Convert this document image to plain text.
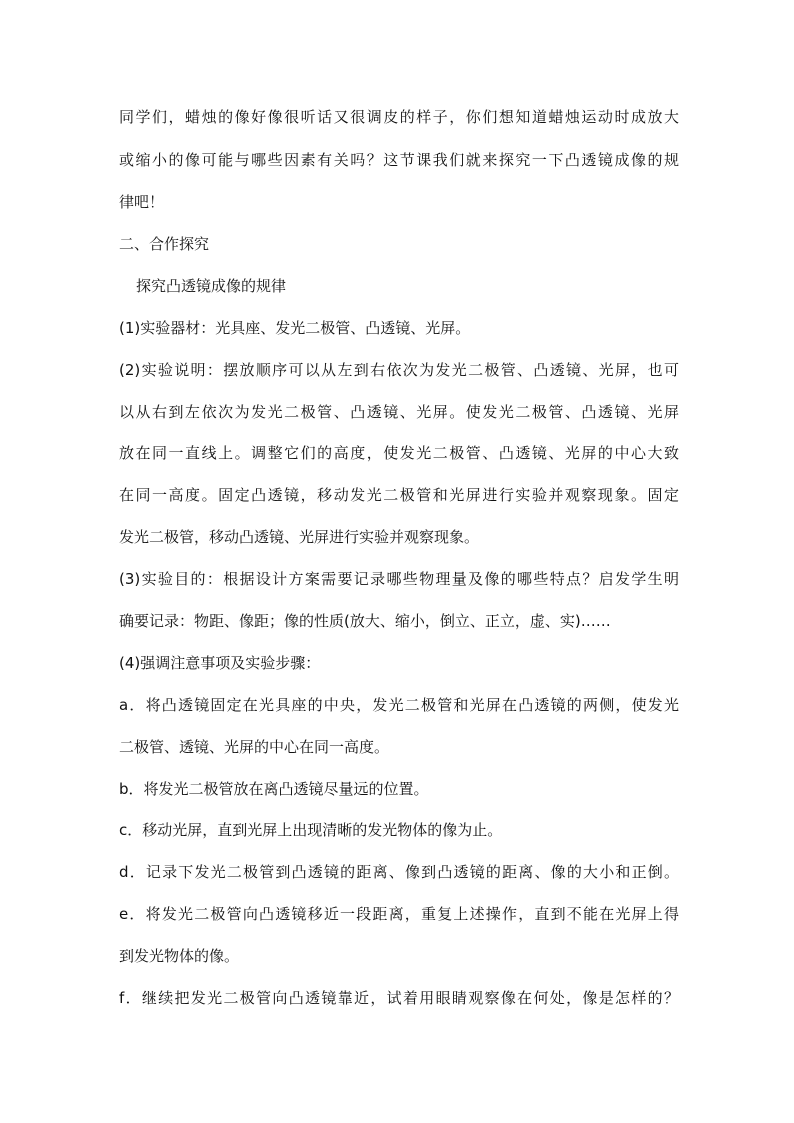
同学们，蜡烛的像好像很听话又很调皮的样子，你们想知道蜡烛运动时成放大
或缩小的像可能与哪些因素有关吗？这节课我们就来探究一下凸透镜成像的规
律吧！
二、合作探究
探究凸透镜成像的规律
(1)实验器材：光具座、发光二极管、凸透镜、光屏。
(2)实验说明：摆放顺序可以从左到右依次为发光二极管、凸透镜、光屏，也可
以从右到左依次为发光二极管、凸透镜、光屏。使发光二极管、凸透镜、光屏
放在同一直线上。调整它们的高度，使发光二极管、凸透镜、光屏的中心大致
在同一高度。固定凸透镜，移动发光二极管和光屏进行实验并观察现象。固定
发光二极管，移动凸透镜、光屏进行实验并观察现象。
(3)实验目的：根据设计方案需要记录哪些物理量及像的哪些特点？启发学生明
确要记录：物距、像距；像的性质(放大、缩小，倒立、正立，虚、实)……
(4)强调注意事项及实验步骤：
a．将凸透镜固定在光具座的中央，发光二极管和光屏在凸透镜的两侧，使发光
二极管、透镜、光屏的中心在同一高度。
b．将发光二极管放在离凸透镜尽量远的位置。
c．移动光屏，直到光屏上出现清晰的发光物体的像为止。
d．记录下发光二极管到凸透镜的距离、像到凸透镜的距离、像的大小和正倒。
e．将发光二极管向凸透镜移近一段距离，重复上述操作，直到不能在光屏上得
到发光物体的像。
f．继续把发光二极管向凸透镜靠近，试着用眼睛观察像在何处，像是怎样的？
